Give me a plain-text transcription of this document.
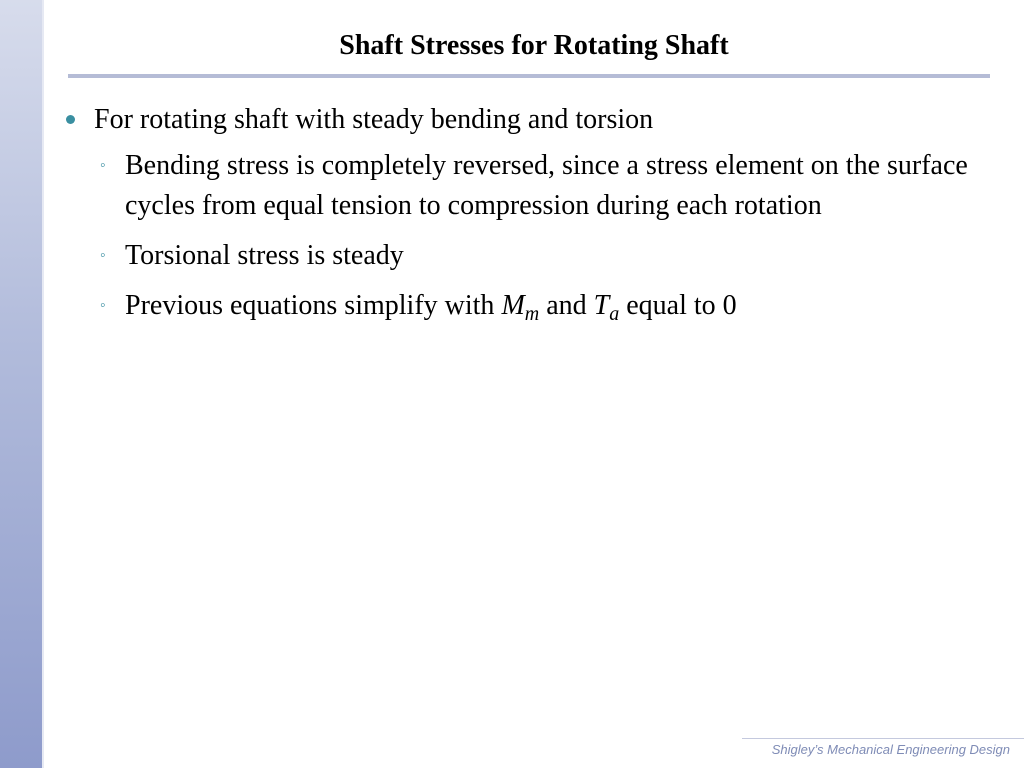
Shaft Stresses for Rotating Shaft
For rotating shaft with steady bending and torsion
◦ Bending stress is completely reversed, since a stress element on the surface cycles from equal tension to compression during each rotation
◦ Torsional stress is steady
◦ Previous equations simplify with $M_m$ and $T_a$ equal to 0
Shigley’s Mechanical Engineering Design
